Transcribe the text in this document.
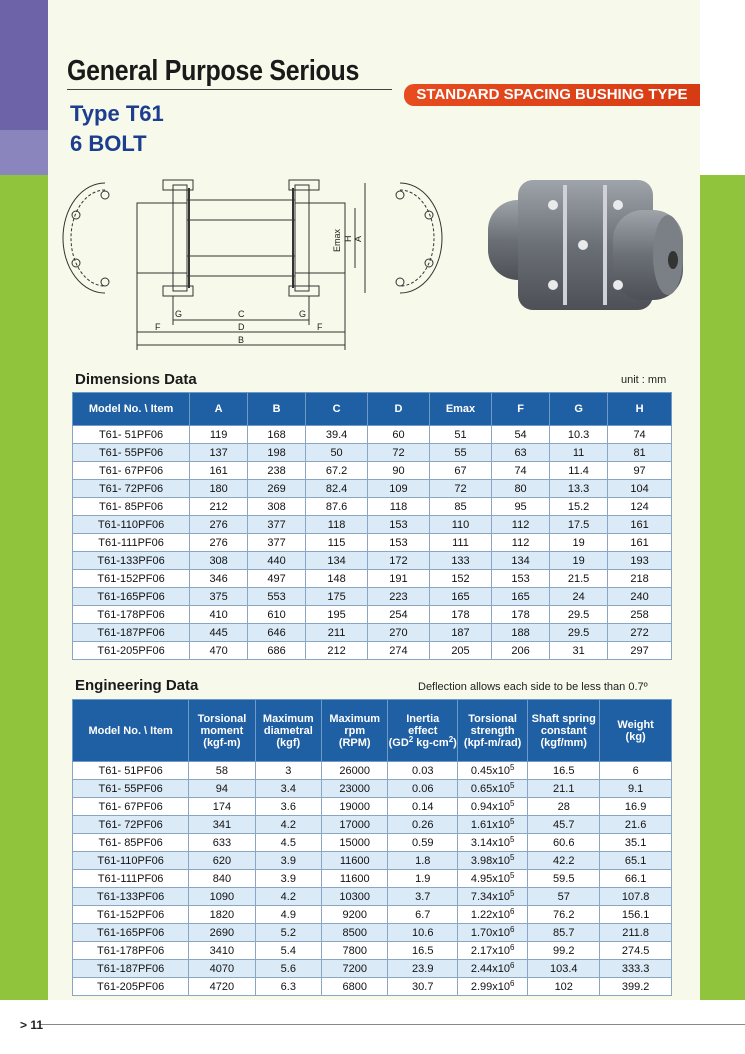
General Purpose Serious
STANDARD SPACING BUSHING TYPE
Type T61
6 BOLT
G	C	G
F	D	F
B
Emax H A
Dimensions Data	unit : mm
Model No. \ Item	A	B	C	D	Emax	F	G	H
T61- 51PF06	119	168	39.4	60	51	54	10.3	74
T61- 55PF06	137	198	50	72	55	63	11	81
T61- 67PF06	161	238	67.2	90	67	74	11.4	97
T61- 72PF06	180	269	82.4	109	72	80	13.3	104
T61- 85PF06	212	308	87.6	118	85	95	15.2	124
T61-110PF06	276	377	118	153	110	112	17.5	161
T61-111PF06	276	377	115	153	111	112	19	161
T61-133PF06	308	440	134	172	133	134	19	193
T61-152PF06	346	497	148	191	152	153	21.5	218
T61-165PF06	375	553	175	223	165	165	24	240
T61-178PF06	410	610	195	254	178	178	29.5	258
T61-187PF06	445	646	211	270	187	188	29.5	272
T61-205PF06	470	686	212	274	205	206	31	297
Engineering Data	Deflection allows each side to be less than 0.7º
Model No. \ Item	Torsional
moment
(kgf-m)	Maximum
diametral
(kgf)	Maximum
rpm
(RPM)	Inertia
effect
($GD^2$ $kg-cm^2$)	Torsional
strength
(kpf-m/rad)	Shaft spring
constant
(kgf/mm)	Weight
(kg)
T61- 51PF06	58	3	26000	0.03	$0.45x10^5$	16.5	6
T61- 55PF06	94	3.4	23000	0.06	$0.65x10^5$	21.1	9.1
T61- 67PF06	174	3.6	19000	0.14	$0.94x10^5$	28	16.9
T61- 72PF06	341	4.2	17000	0.26	$1.61x10^5$	45.7	21.6
T61- 85PF06	633	4.5	15000	0.59	$3.14x10^5$	60.6	35.1
T61-110PF06	620	3.9	11600	1.8	$3.98x10^5$	42.2	65.1
T61-111PF06	840	3.9	11600	1.9	$4.95x10^5$	59.5	66.1
T61-133PF06	1090	4.2	10300	3.7	$7.34x10^5$	57	107.8
T61-152PF06	1820	4.9	9200	6.7	$1.22x10^6$	76.2	156.1
T61-165PF06	2690	5.2	8500	10.6	$1.70x10^6$	85.7	211.8
T61-178PF06	3410	5.4	7800	16.5	$2.17x10^6$	99.2	274.5
T61-187PF06	4070	5.6	7200	23.9	$2.44x10^6$	103.4	333.3
T61-205PF06	4720	6.3	6800	30.7	$2.99x10^6$	102	399.2
> 11
